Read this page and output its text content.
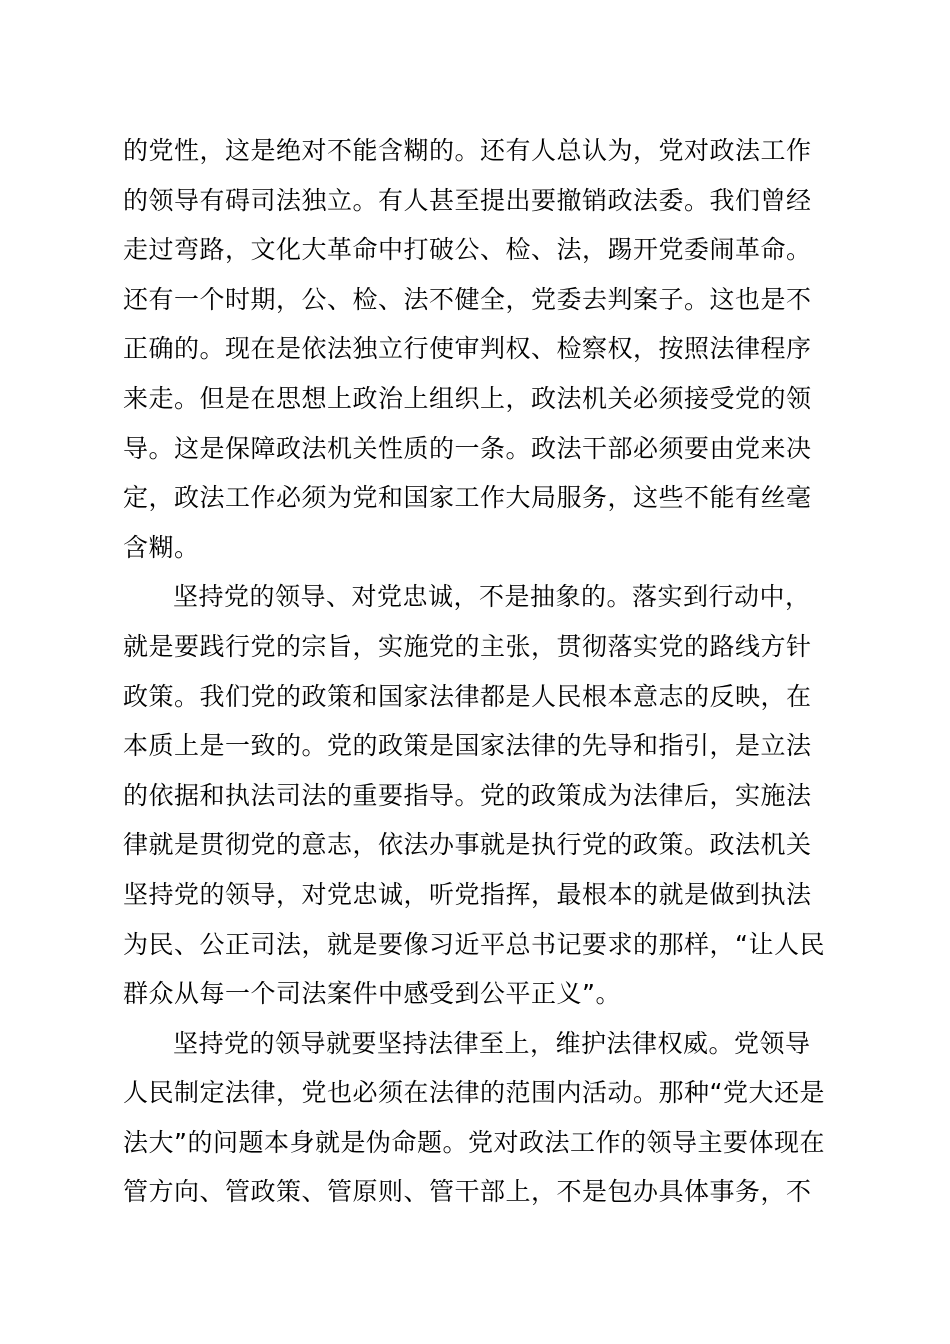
的党性，这是绝对不能含糊的。还有人总认为，党对政法工作
的领导有碍司法独立。有人甚至提出要撤销政法委。我们曾经
走过弯路，文化大革命中打破公、检、法，踢开党委闹革命。
还有一个时期，公、检、法不健全，党委去判案子。这也是不
正确的。现在是依法独立行使审判权、检察权，按照法律程序
来走。但是在思想上政治上组织上，政法机关必须接受党的领
导。这是保障政法机关性质的一条。政法干部必须要由党来决
定，政法工作必须为党和国家工作大局服务，这些不能有丝毫
含糊。
坚持党的领导、对党忠诚，不是抽象的。落实到行动中，
就是要践行党的宗旨，实施党的主张，贯彻落实党的路线方针
政策。我们党的政策和国家法律都是人民根本意志的反映，在
本质上是一致的。党的政策是国家法律的先导和指引，是立法
的依据和执法司法的重要指导。党的政策成为法律后，实施法
律就是贯彻党的意志，依法办事就是执行党的政策。政法机关
坚持党的领导，对党忠诚，听党指挥，最根本的就是做到执法
为民、公正司法，就是要像习近平总书记要求的那样，“让人民
群众从每一个司法案件中感受到公平正义”。
坚持党的领导就要坚持法律至上，维护法律权威。党领导
人民制定法律，党也必须在法律的范围内活动。那种“党大还是
法大”的问题本身就是伪命题。党对政法工作的领导主要体现在
管方向、管政策、管原则、管干部上，不是包办具体事务，不
